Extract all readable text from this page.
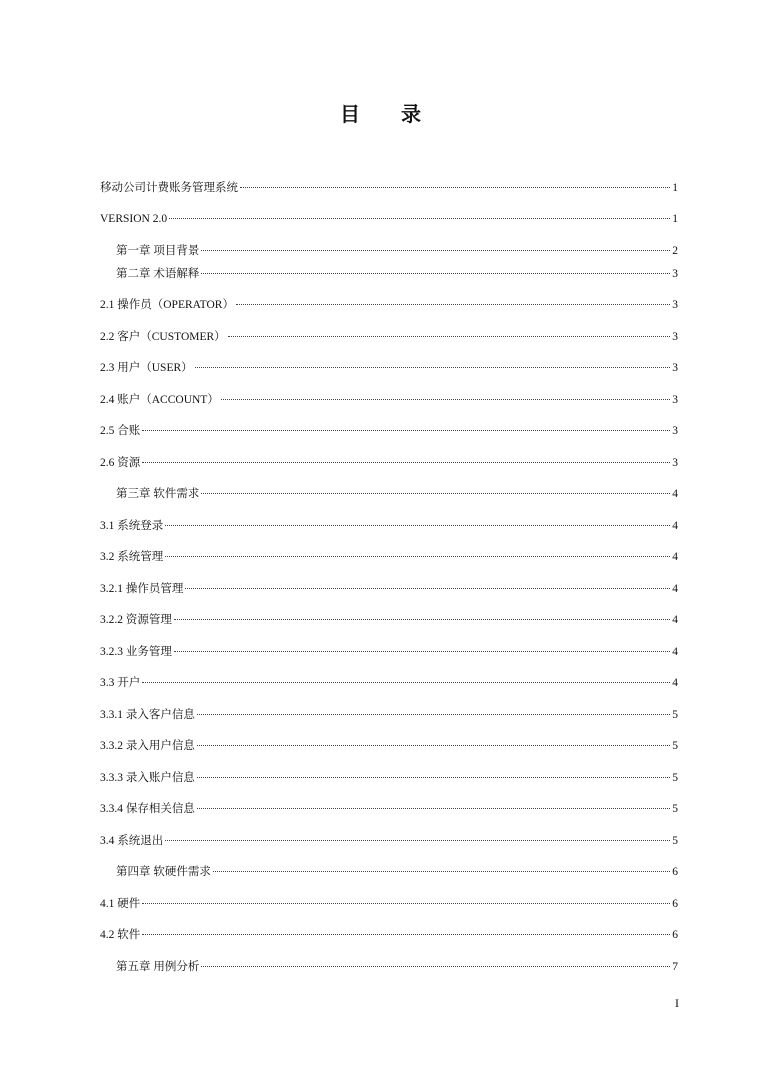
目 录
移动公司计费账务管理系统	1
VERSION 2.0	1
第一章 项目背景	2
第二章 术语解释	3
2.1 操作员（OPERATOR）	3
2.2 客户（CUSTOMER）	3
2.3 用户（USER）	3
2.4 账户（ACCOUNT）	3
2.5 合账	3
2.6 资源	3
第三章 软件需求	4
3.1 系统登录	4
3.2 系统管理	4
3.2.1 操作员管理	4
3.2.2 资源管理	4
3.2.3 业务管理	4
3.3 开户	4
3.3.1 录入客户信息	5
3.3.2 录入用户信息	5
3.3.3 录入账户信息	5
3.3.4 保存相关信息	5
3.4 系统退出	5
第四章 软硬件需求	6
4.1 硬件	6
4.2 软件	6
第五章 用例分析	7
I
